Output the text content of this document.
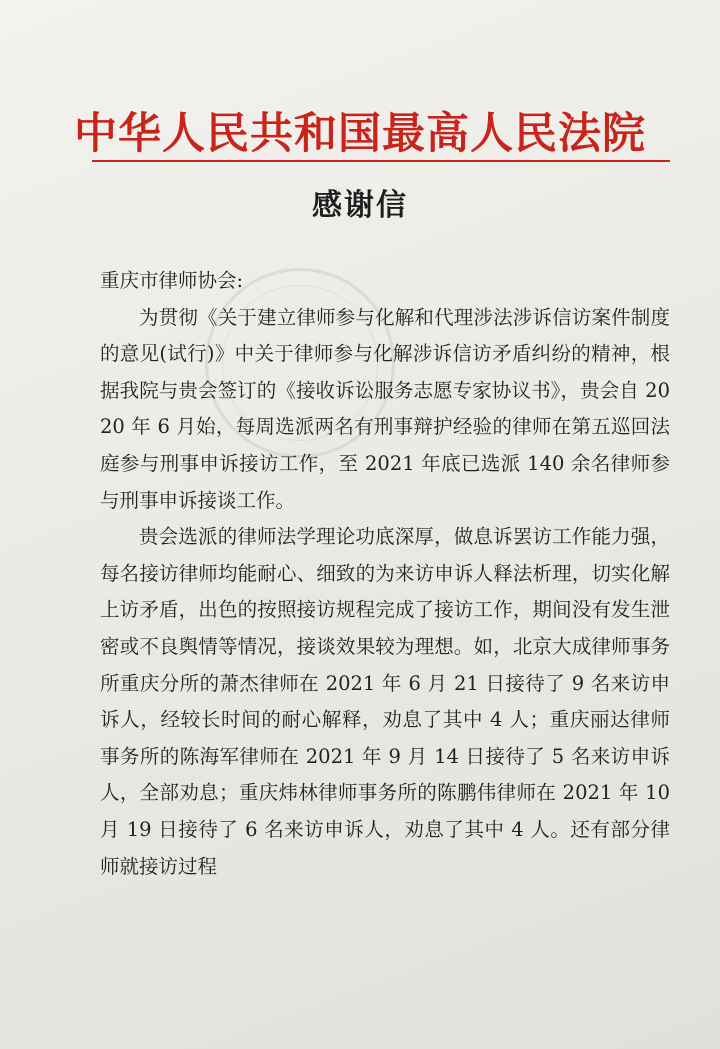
中华人民共和国最高人民法院
感谢信

重庆市律师协会:

为贯彻《关于建立律师参与化解和代理涉法涉诉信访案件制度的意见(试行)》中关于律师参与化解涉诉信访矛盾纠纷的精神，根据我院与贵会签订的《接收诉讼服务志愿专家协议书》，贵会自 2020 年 6 月始，每周选派两名有刑事辩护经验的律师在第五巡回法庭参与刑事申诉接访工作，至 2021 年底已选派 140 余名律师参与刑事申诉接谈工作。

贵会选派的律师法学理论功底深厚，做息诉罢访工作能力强，每名接访律师均能耐心、细致的为来访申诉人释法析理，切实化解上访矛盾，出色的按照接访规程完成了接访工作，期间没有发生泄密或不良舆情等情况，接谈效果较为理想。如，北京大成律师事务所重庆分所的萧杰律师在 2021 年 6 月 21 日接待了 9 名来访申诉人，经较长时间的耐心解释，劝息了其中 4 人；重庆丽达律师事务所的陈海军律师在 2021 年 9 月 14 日接待了 5 名来访申诉人，全部劝息；重庆炜林律师事务所的陈鹏伟律师在 2021 年 10 月 19 日接待了 6 名来访申诉人，劝息了其中 4 人。还有部分律师就接访过程
